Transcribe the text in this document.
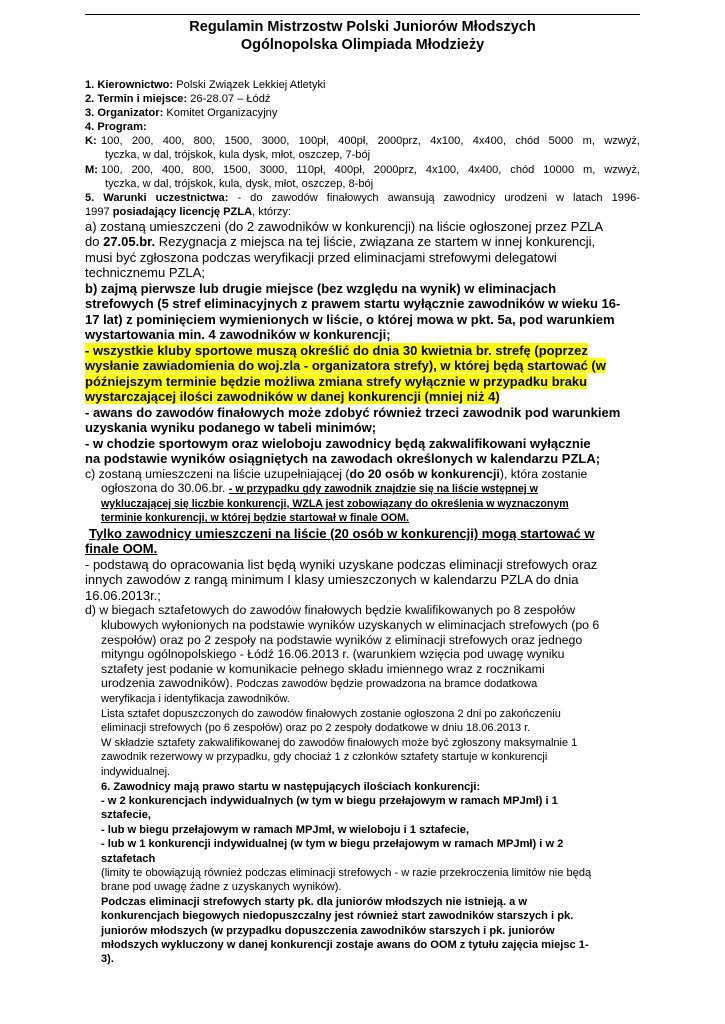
Regulamin Mistrzostw Polski Juniorów Młodszych
Ogólnopolska Olimpiada Młodzieży
1. Kierownictwo: Polski Związek Lekkiej Atletyki
2. Termin i miejsce: 26-28.07 – Łódź
3. Organizator: Komitet Organizacyjny
4. Program:
K: 100, 200, 400, 800, 1500, 3000, 100pł, 400pł, 2000prz, 4x100, 4x400, chód 5000 m, wzwyż,
tyczka, w dal, trójskok, kula dysk, młot, oszczep, 7-bój
M: 100, 200, 400, 800, 1500, 3000, 110pł, 400pł, 2000prz, 4x100, 4x400, chód 10000 m, wzwyż,
tyczka, w dal, trójskok, kula, dysk, młot, oszczep, 8-bój
5. Warunki uczestnictwa: - do zawodów finałowych awansują zawodnicy urodzeni w latach 1996-
1997 posiadający licencję PZLA, którzy:
a) zostaną umieszczeni (do 2 zawodników w konkurencji) na liście ogłoszonej przez PZLA
do 27.05.br. Rezygnacja z miejsca na tej liście, związana ze startem w innej konkurencji,
musi być zgłoszona podczas weryfikacji przed eliminacjami strefowymi delegatowi
technicznemu PZLA;
b) zajmą pierwsze lub drugie miejsce (bez względu na wynik) w eliminacjach
strefowych (5 stref eliminacyjnych z prawem startu wyłącznie zawodników w wieku 16-
17 lat) z pominięciem wymienionych w liście, o której mowa w pkt. 5a, pod warunkiem
wystartowania min. 4 zawodników w konkurencji;
- wszystkie kluby sportowe muszą określić do dnia 30 kwietnia br. strefę (poprzez
wysłanie zawiadomienia do woj.zla - organizatora strefy), w której będą startować (w
późniejszym terminie będzie możliwa zmiana strefy wyłącznie w przypadku braku
wystarczającej ilości zawodników w danej konkurencji (mniej niż 4)
- awans do zawodów finałowych może zdobyć również trzeci zawodnik pod warunkiem
uzyskania wyniku podanego w tabeli minimów;
- w chodzie sportowym oraz wieloboju zawodnicy będą zakwalifikowani wyłącznie
na podstawie wyników osiągniętych na zawodach określonych w kalendarzu PZLA;
c) zostaną umieszczeni na liście uzupełniającej (do 20 osób w konkurencji), która zostanie
ogłoszona do 30.06.br. - w przypadku gdy zawodnik znajdzie się na liście wstępnej w
wykluczającej się liczbie konkurencji, WZLA jest zobowiązany do określenia w wyznaczonym
terminie konkurencji, w której będzie startował w finale OOM.
Tylko zawodnicy umieszczeni na liście (20 osób w konkurencji) mogą startować w
finale OOM.
- podstawą do opracowania list będą wyniki uzyskane podczas eliminacji strefowych oraz
innych zawodów z rangą minimum I klasy umieszczonych w kalendarzu PZLA do dnia
16.06.2013r.;
d) w biegach sztafetowych do zawodów finałowych będzie kwalifikowanych po 8 zespołów
klubowych wyłonionych na podstawie wyników uzyskanych w eliminacjach strefowych (po 6
zespołów) oraz po 2 zespoły na podstawie wyników z eliminacji strefowych oraz jednego
mityngu ogólnopolskiego - Łódź 16.06.2013 r. (warunkiem wzięcia pod uwagę wyniku
sztafety jest podanie w komunikacie pełnego składu imiennego wraz z rocznikami
urodzenia zawodników). Podczas zawodów będzie prowadzona na bramce dodatkowa
weryfikacja i identyfikacja zawodników.
Lista sztafet dopuszczonych do zawodów finałowych zostanie ogłoszona 2 dni po zakończeniu
eliminacji strefowych (po 6 zespołów) oraz po 2 zespoły dodatkowe w dniu 18.06.2013 r.
W składzie sztafety zakwalifikowanej do zawodów finałowych może być zgłoszony maksymalnie 1
zawodnik rezerwowy w przypadku, gdy chociaż 1 z członków sztafety startuje w konkurencji
indywidualnej.
6. Zawodnicy mają prawo startu w następujących ilościach konkurencji:
- w 2 konkurencjach indywidualnych (w tym w biegu przełajowym w ramach MPJmł) i 1
sztafecie,
- lub w biegu przełajowym w ramach MPJmł, w wieloboju i 1 sztafecie,
- lub w 1 konkurencji indywidualnej (w tym w biegu przełajowym w ramach MPJmł) i w 2
sztafetach
(limity te obowiązują również podczas eliminacji strefowych - w razie przekroczenia limitów nie będą
brane pod uwagę żadne z uzyskanych wyników).
Podczas eliminacji strefowych starty pk. dla juniorów młodszych nie istnieją. a w
konkurencjach biegowych niedopuszczalny jest również start zawodników starszych i pk.
juniorów młodszych (w przypadku dopuszczenia zawodników starszych i pk. juniorów
młodszych wykluczony w danej konkurencji zostaje awans do OOM z tytułu zajęcia miejsc 1-
3).
